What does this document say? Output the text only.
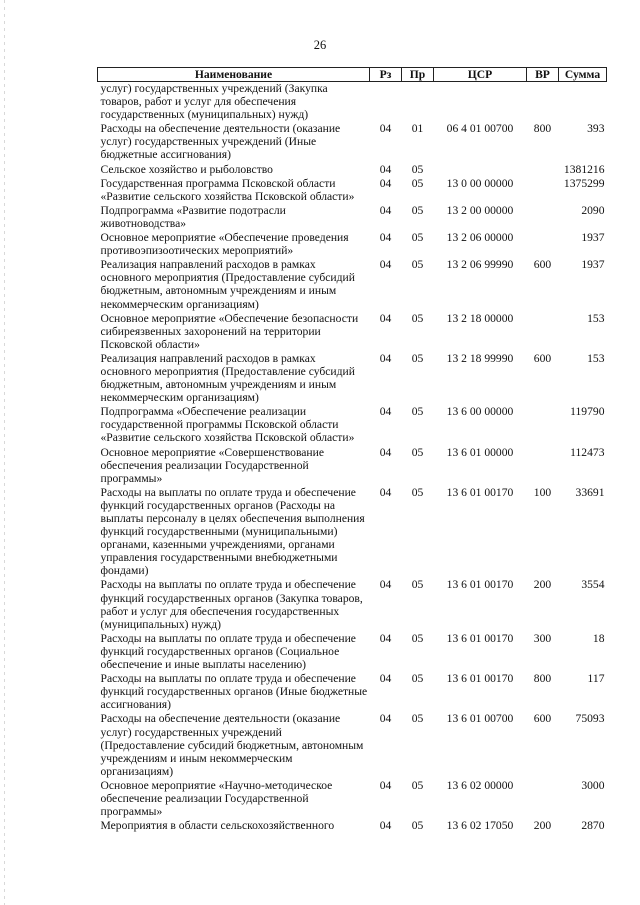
26
Наименование	Рз	Пр	ЦСР	ВР	Сумма
услуг) государственных учреждений (Закупка товаров, работ и услуг для обеспечения государственных (муниципальных) нужд)					
Расходы на обеспечение деятельности (оказание услуг) государственных учреждений (Иные бюджетные ассигнования)	04	01	06 4 01 00700	800	393
Сельское хозяйство и рыболовство	04	05			1381216
Государственная программа Псковской области «Развитие сельского хозяйства Псковской области»	04	05	13 0 00 00000		1375299
Подпрограмма «Развитие подотрасли животноводства»	04	05	13 2 00 00000		2090
Основное мероприятие «Обеспечение проведения противоэпизоотических мероприятий»	04	05	13 2 06 00000		1937
Реализация направлений расходов в рамках основного мероприятия (Предоставление субсидий бюджетным, автономным учреждениям и иным некоммерческим организациям)	04	05	13 2 06 99990	600	1937
Основное мероприятие «Обеспечение безопасности сибиреязвенных захоронений на территории Псковской области»	04	05	13 2 18 00000		153
Реализация направлений расходов в рамках основного мероприятия (Предоставление субсидий бюджетным, автономным учреждениям и иным некоммерческим организациям)	04	05	13 2 18 99990	600	153
Подпрограмма «Обеспечение реализации государственной программы Псковской области «Развитие сельского хозяйства Псковской области»	04	05	13 6 00 00000		119790
Основное мероприятие «Совершенствование обеспечения реализации Государственной программы»	04	05	13 6 01 00000		112473
Расходы на выплаты по оплате труда и обеспечение функций государственных органов (Расходы на выплаты персоналу в целях обеспечения выполнения функций государственными (муниципальными) органами, казенными учреждениями, органами управления государственными внебюджетными фондами)	04	05	13 6 01 00170	100	33691
Расходы на выплаты по оплате труда и обеспечение функций государственных органов (Закупка товаров, работ и услуг для обеспечения государственных (муниципальных) нужд)	04	05	13 6 01 00170	200	3554
Расходы на выплаты по оплате труда и обеспечение функций государственных органов (Социальное обеспечение и иные выплаты населению)	04	05	13 6 01 00170	300	18
Расходы на выплаты по оплате труда и обеспечение функций государственных органов (Иные бюджетные ассигнования)	04	05	13 6 01 00170	800	117
Расходы на обеспечение деятельности (оказание услуг) государственных учреждений (Предоставление субсидий бюджетным, автономным учреждениям и иным некоммерческим организациям)	04	05	13 6 01 00700	600	75093
Основное мероприятие «Научно-методическое обеспечение реализации Государственной программы»	04	05	13 6 02 00000		3000
Мероприятия в области сельскохозяйственного	04	05	13 6 02 17050	200	2870
